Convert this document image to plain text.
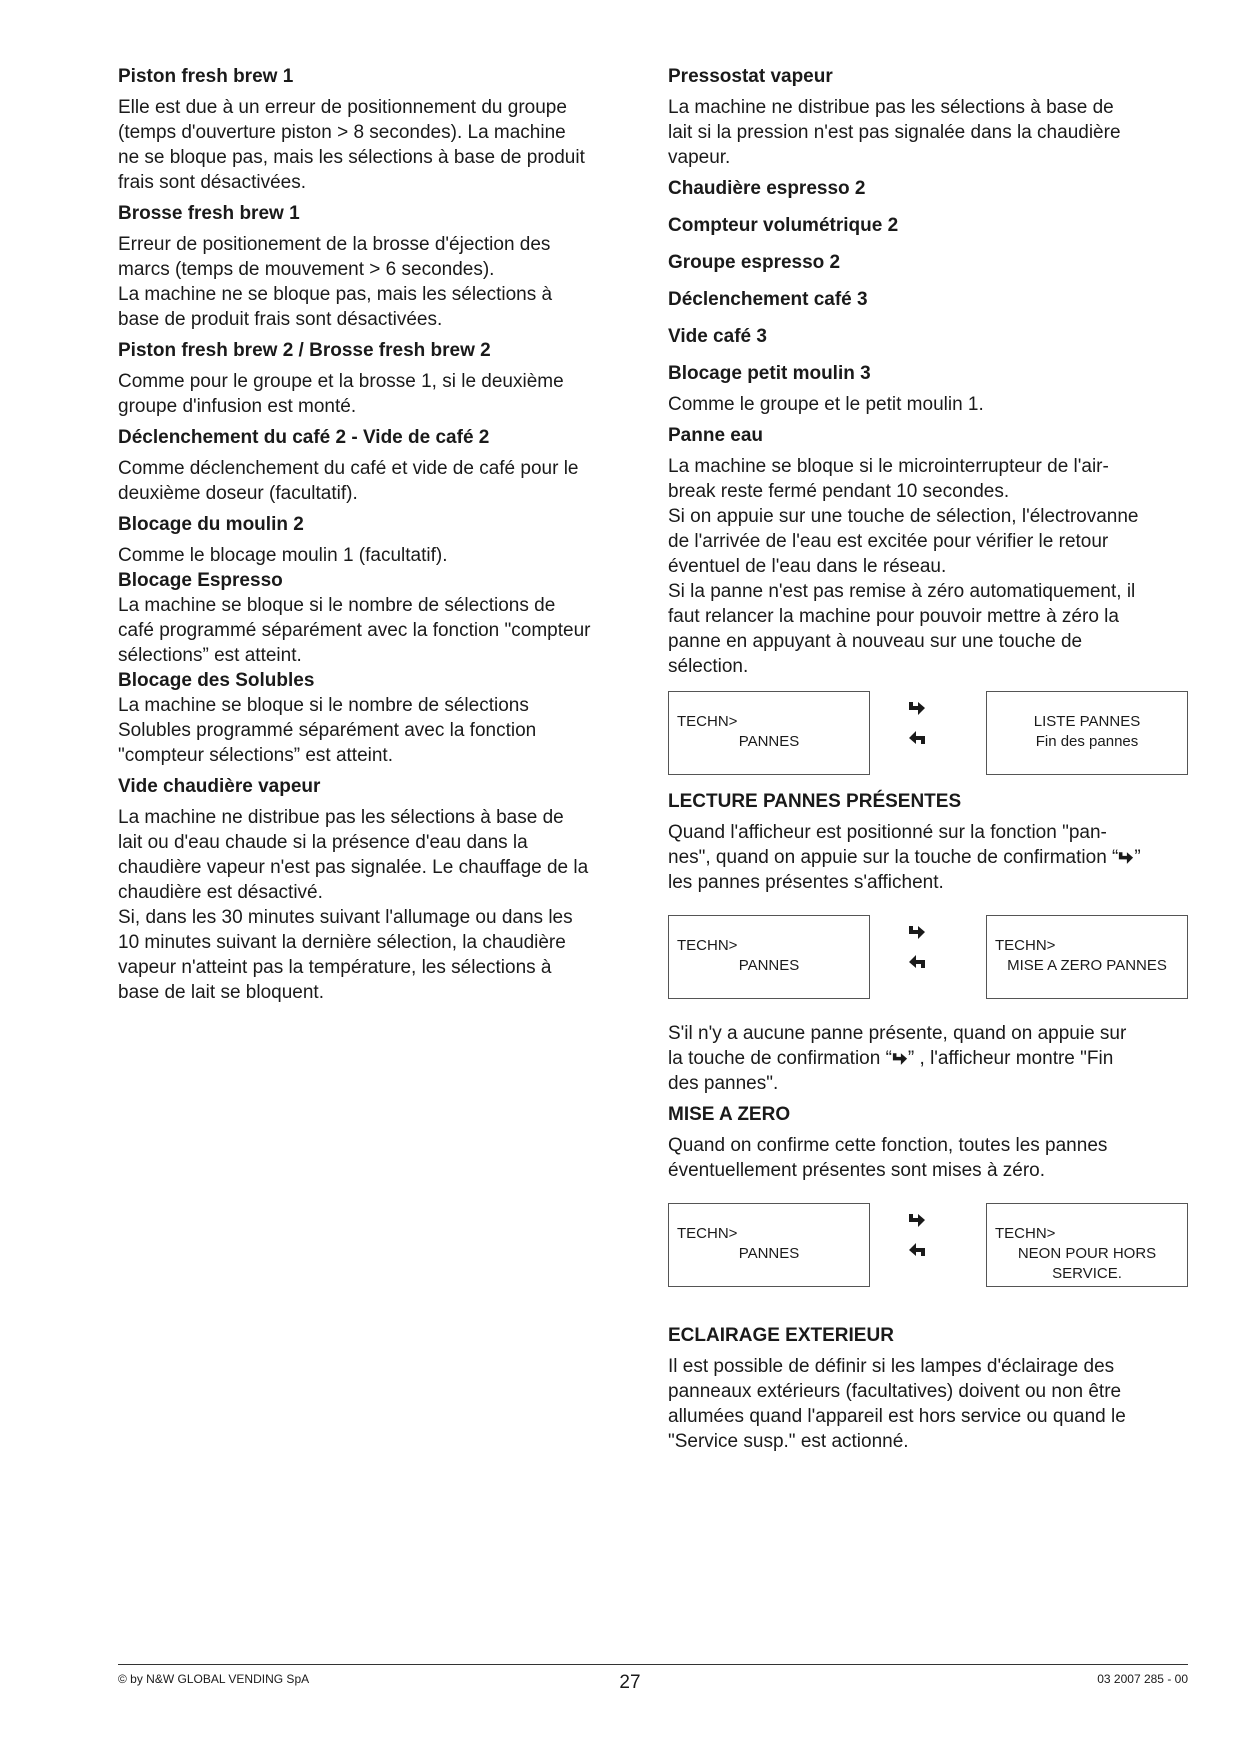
Piston fresh brew 1

Elle est due à un erreur de positionnement du groupe

(temps d'ouverture piston > 8 secondes). La machine

ne se bloque pas, mais les sélections à base de produit

frais sont désactivées.

Brosse fresh brew 1

Erreur de positionement de la brosse d'éjection des

marcs (temps de mouvement > 6 secondes).

La machine ne se bloque pas, mais les sélections à

base de produit frais sont désactivées.

Piston fresh brew 2 / Brosse fresh brew 2

Comme pour le groupe et la brosse 1, si le deuxième

groupe d'infusion est monté.

Déclenchement du café 2 - Vide de café 2

Comme déclenchement du café et vide de café pour le

deuxième doseur (facultatif).

Blocage du moulin 2

Comme le blocage moulin 1 (facultatif).

Blocage Espresso

La machine se bloque si le nombre de sélections de

café programmé séparément avec la fonction "compteur

sélections” est atteint.

Blocage des Solubles

La machine se bloque si le nombre de sélections

Solubles programmé séparément avec la fonction

"compteur sélections” est atteint.

Vide chaudière vapeur

La machine ne distribue pas les sélections à base de

lait ou d'eau chaude si la présence d'eau dans la

chaudière vapeur n'est pas signalée. Le chauffage de la

chaudière est désactivé.

Si, dans les 30 minutes suivant l'allumage ou dans les

10 minutes suivant la dernière sélection, la chaudière

vapeur n'atteint pas la température, les sélections à

base de lait se bloquent.

Pressostat vapeur

La machine ne distribue pas les sélections à base de

lait si la pression n'est pas signalée dans la chaudière

vapeur.

Chaudière espresso 2

Compteur volumétrique 2

Groupe espresso 2

Déclenchement café 3

Vide café 3

Blocage petit moulin 3

Comme le groupe et le petit moulin 1.

Panne eau

La machine se bloque si le microinterrupteur de l'air-

break reste fermé pendant 10 secondes.

Si on appuie sur une touche de sélection, l'électrovanne

de l'arrivée de l'eau est excitée pour vérifier le retour

éventuel de l'eau dans le réseau.

Si la panne n'est pas remise à zéro automatiquement, il

faut relancer la machine pour pouvoir mettre à zéro la

panne en appuyant à nouveau sur une touche de

sélection.

TECHN>
PANNES
LISTE PANNES
Fin des pannes

LECTURE PANNES PRÉSENTES

Quand l'afficheur est positionné sur la fonction "pan-

nes", quand on appuie sur la touche de confirmation “ ”

les pannes présentes s'affichent.

TECHN>
PANNES
TECHN>
MISE A ZERO PANNES

S'il n'y a aucune panne présente, quand on appuie sur

la touche de confirmation “ ” , l'afficheur montre "Fin

des pannes".

MISE A ZERO

Quand on confirme cette fonction, toutes les pannes

éventuellement présentes sont mises à zéro.

TECHN>
PANNES
TECHN>
NEON POUR HORS SERVICE.

ECLAIRAGE EXTERIEUR

Il est possible de définir si les lampes d'éclairage des

panneaux extérieurs (facultatives) doivent ou non être

allumées quand l'appareil est hors service ou quand le

"Service susp." est actionné.

© by N&W GLOBAL VENDING SpA	27	03 2007 285 - 00
